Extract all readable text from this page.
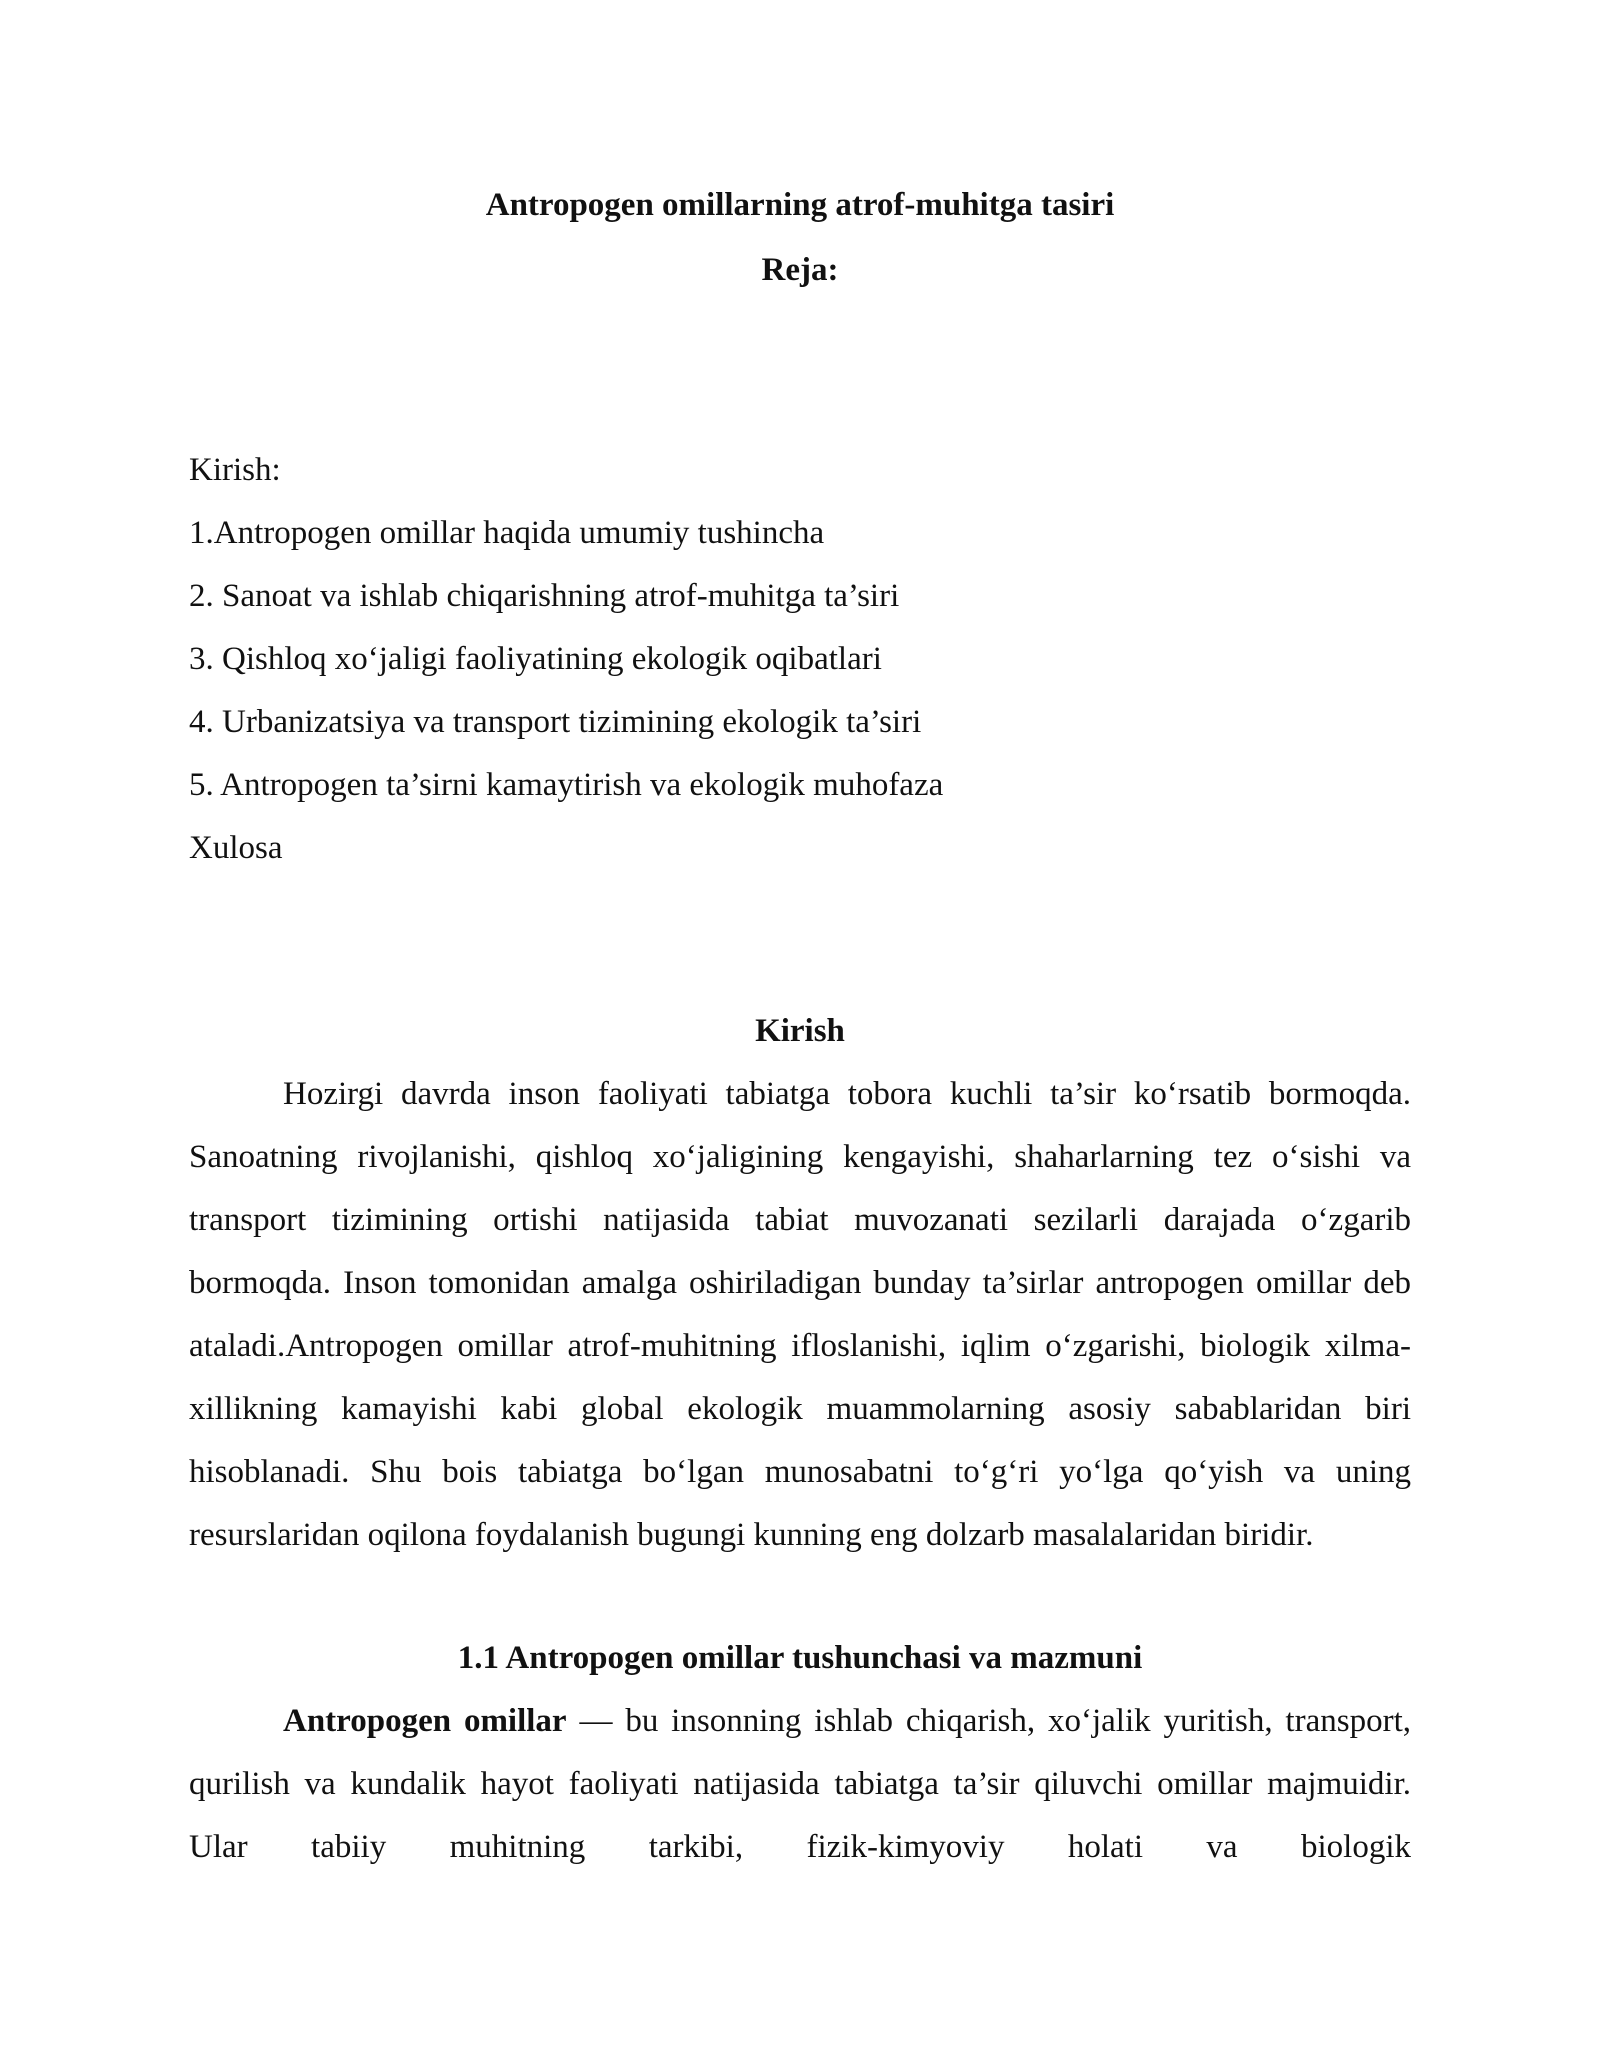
Antropogen omillarning atrof-muhitga tasiri
Reja:
Kirish:
1.Antropogen omillar haqida umumiy tushincha
2. Sanoat va ishlab chiqarishning atrof-muhitga ta’siri
3. Qishloq xo‘jaligi faoliyatining ekologik oqibatlari
4. Urbanizatsiya va transport tizimining ekologik ta’siri
5. Antropogen ta’sirni kamaytirish va ekologik muhofaza
Xulosa
Kirish

Hozirgi davrda inson faoliyati tabiatga tobora kuchli ta’sir ko‘rsatib bormoqda. Sanoatning rivojlanishi, qishloq xo‘jaligining kengayishi, shaharlarning tez o‘sishi va transport tizimining ortishi natijasida tabiat muvozanati sezilarli darajada o‘zgarib bormoqda. Inson tomonidan amalga oshiriladigan bunday ta’sirlar antropogen omillar deb ataladi.Antropogen omillar atrof-muhitning ifloslanishi, iqlim o‘zgarishi, biologik xilma-xillikning kamayishi kabi global ekologik muammolarning asosiy sabablaridan biri hisoblanadi. Shu bois tabiatga bo‘lgan munosabatni to‘g‘ri yo‘lga qo‘yish va uning resurslaridan oqilona foydalanish bugungi kunning eng dolzarb masalalaridan biridir.

1.1 Antropogen omillar tushunchasi va mazmuni

Antropogen omillar — bu insonning ishlab chiqarish, xo‘jalik yuritish, transport, qurilish va kundalik hayot faoliyati natijasida tabiatga ta’sir qiluvchi omillar majmuidir. Ular tabiiy muhitning tarkibi, fizik-kimyoviy holati va biologik
